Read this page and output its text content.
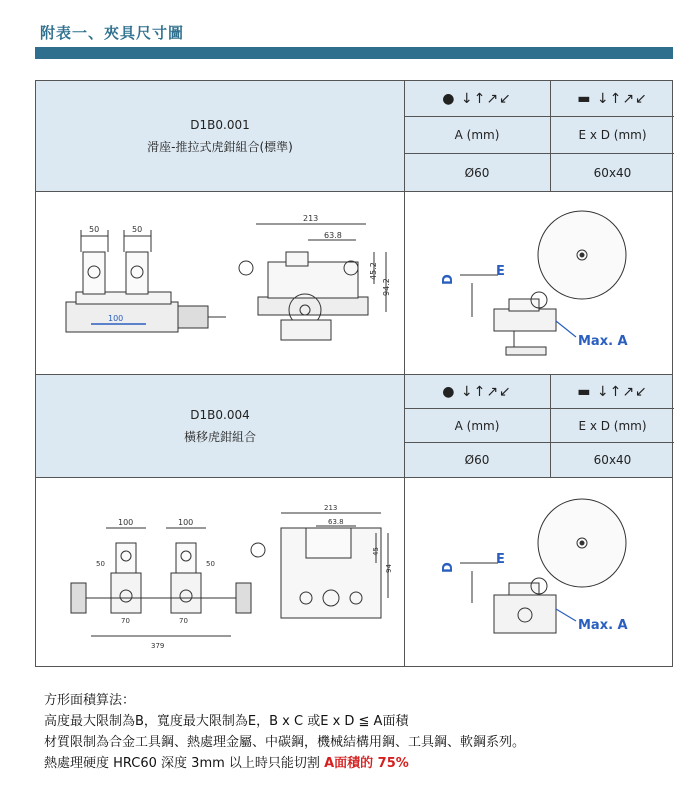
附表一、夾具尺寸圖
D1B0.001
滑座-推拉式虎鉗組合(標準)
● ↓↑↗↙	▬ ↓↑↗↙
A (mm)	E x D (mm)
Ø60	60x40
50	50
100
213
63.8
45.2
94.2	D
E
Max. A
D1B0.004
橫移虎鉗組合
● ↓↑↗↙	▬ ↓↑↗↙
A (mm)	E x D (mm)
Ø60	60x40
100	100
50	50
70	70
379
213
63.8
45
94	D
E
Max. A
方形面積算法：
高度最大限制為B，寬度最大限制為E，B x C 或E x D ≦ A面積
材質限制為合金工具鋼、熱處理金屬、中碳鋼，機械結構用鋼、工具鋼、軟鋼系列。
熱處理硬度 HRC60 深度 3mm 以上時只能切割 A面積的 75%
